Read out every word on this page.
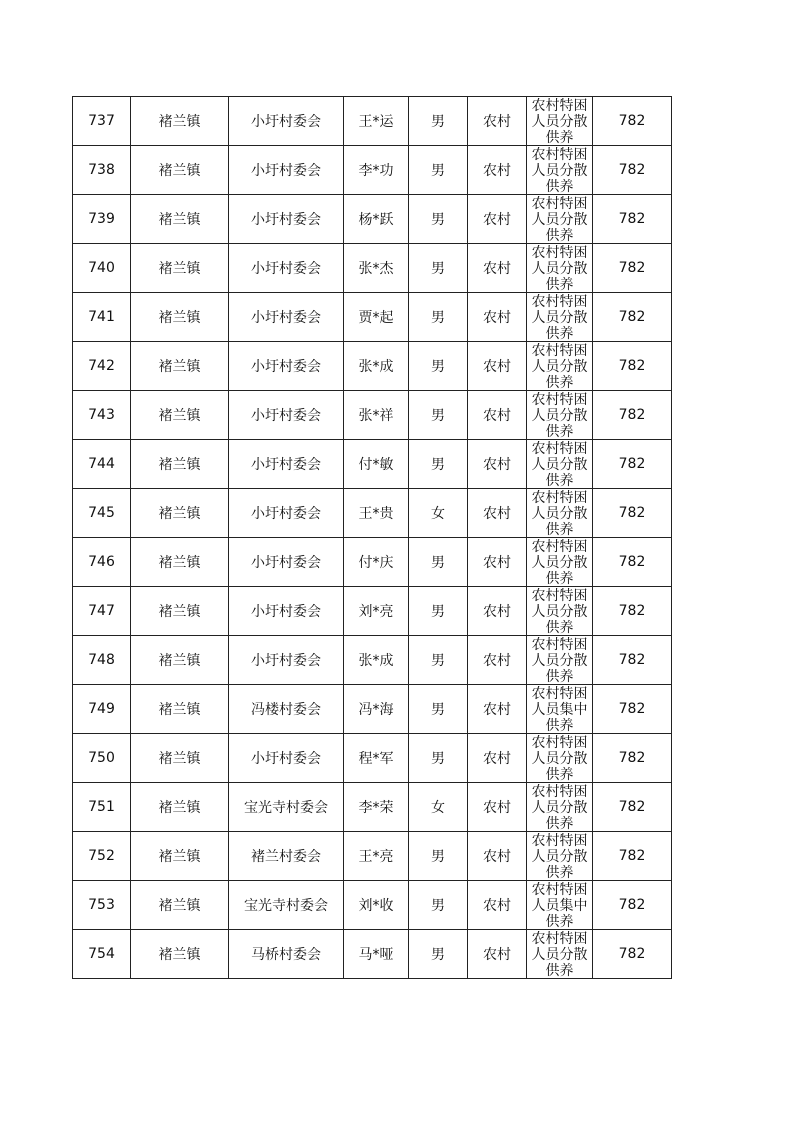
737	褚兰镇	小圩村委会	王*运	男	农村	农村特困人员分散供养	782
738	褚兰镇	小圩村委会	李*功	男	农村	农村特困人员分散供养	782
739	褚兰镇	小圩村委会	杨*跃	男	农村	农村特困人员分散供养	782
740	褚兰镇	小圩村委会	张*杰	男	农村	农村特困人员分散供养	782
741	褚兰镇	小圩村委会	贾*起	男	农村	农村特困人员分散供养	782
742	褚兰镇	小圩村委会	张*成	男	农村	农村特困人员分散供养	782
743	褚兰镇	小圩村委会	张*祥	男	农村	农村特困人员分散供养	782
744	褚兰镇	小圩村委会	付*敏	男	农村	农村特困人员分散供养	782
745	褚兰镇	小圩村委会	王*贵	女	农村	农村特困人员分散供养	782
746	褚兰镇	小圩村委会	付*庆	男	农村	农村特困人员分散供养	782
747	褚兰镇	小圩村委会	刘*亮	男	农村	农村特困人员分散供养	782
748	褚兰镇	小圩村委会	张*成	男	农村	农村特困人员分散供养	782
749	褚兰镇	冯楼村委会	冯*海	男	农村	农村特困人员集中供养	782
750	褚兰镇	小圩村委会	程*军	男	农村	农村特困人员分散供养	782
751	褚兰镇	宝光寺村委会	李*荣	女	农村	农村特困人员分散供养	782
752	褚兰镇	褚兰村委会	王*亮	男	农村	农村特困人员分散供养	782
753	褚兰镇	宝光寺村委会	刘*收	男	农村	农村特困人员集中供养	782
754	褚兰镇	马桥村委会	马*哑	男	农村	农村特困人员分散供养	782
